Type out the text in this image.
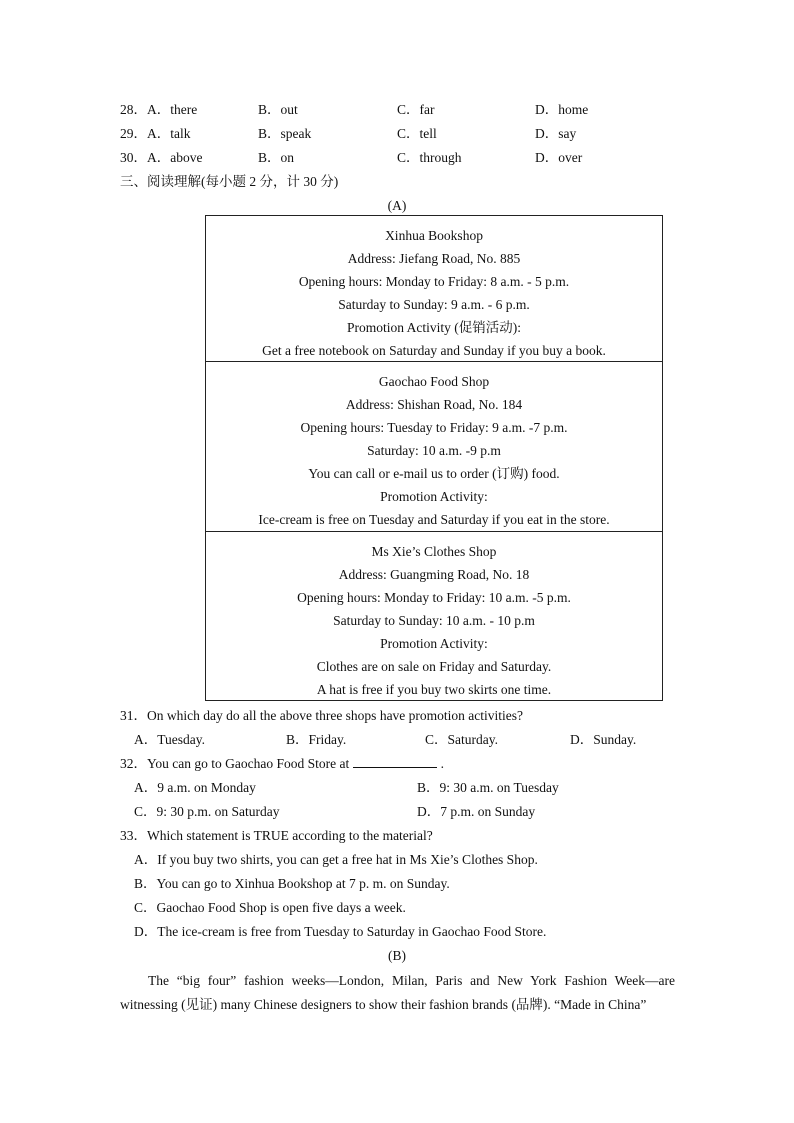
28． A．there	B．out	C．far	D．home
29． A．talk	B．speak	C．tell	D．say
30． A．above	B．on	C．through	D．over
三、阅读理解(每小题 2 分，计 30 分)
(A)
Xinhua Bookshop
Address: Jiefang Road, No. 885
Opening hours: Monday to Friday: 8 a.m. - 5 p.m.
Saturday to Sunday: 9 a.m. - 6 p.m.
Promotion Activity (促销活动):
Get a free notebook on Saturday and Sunday if you buy a book.
Gaochao Food Shop
Address: Shishan Road, No. 184
Opening hours: Tuesday to Friday: 9 a.m. -7 p.m.
Saturday: 10 a.m. -9 p.m
You can call or e-mail us to order (订购) food.
Promotion Activity:
Ice-cream is free on Tuesday and Saturday if you eat in the store.
Ms Xie’s Clothes Shop
Address: Guangming Road, No. 18
Opening hours: Monday to Friday: 10 a.m. -5 p.m.
Saturday to Sunday: 10 a.m. - 10 p.m
Promotion Activity:
Clothes are on sale on Friday and Saturday.
A hat is free if you buy two skirts one time.
31．On which day do all the above three shops have promotion activities?
A．Tuesday.	B．Friday.	C．Saturday.	D．Sunday.
32．You can go to Gaochao Food Store at	.
A．9 a.m. on Monday	B．9: 30 a.m. on Tuesday
C．9: 30 p.m. on Saturday	D．7 p.m. on Sunday
33．Which statement is TRUE according to the material?
A．If you buy two shirts, you can get a free hat in Ms Xie’s Clothes Shop.
B．You can go to Xinhua Bookshop at 7 p. m. on Sunday.
C．Gaochao Food Shop is open five days a week.
D．The ice-cream is free from Tuesday to Saturday in Gaochao Food Store.
(B)
The “big four” fashion weeks—London, Milan, Paris and New York Fashion Week—are witnessing (见证) many Chinese designers to show their fashion brands (品牌). “Made in China”
